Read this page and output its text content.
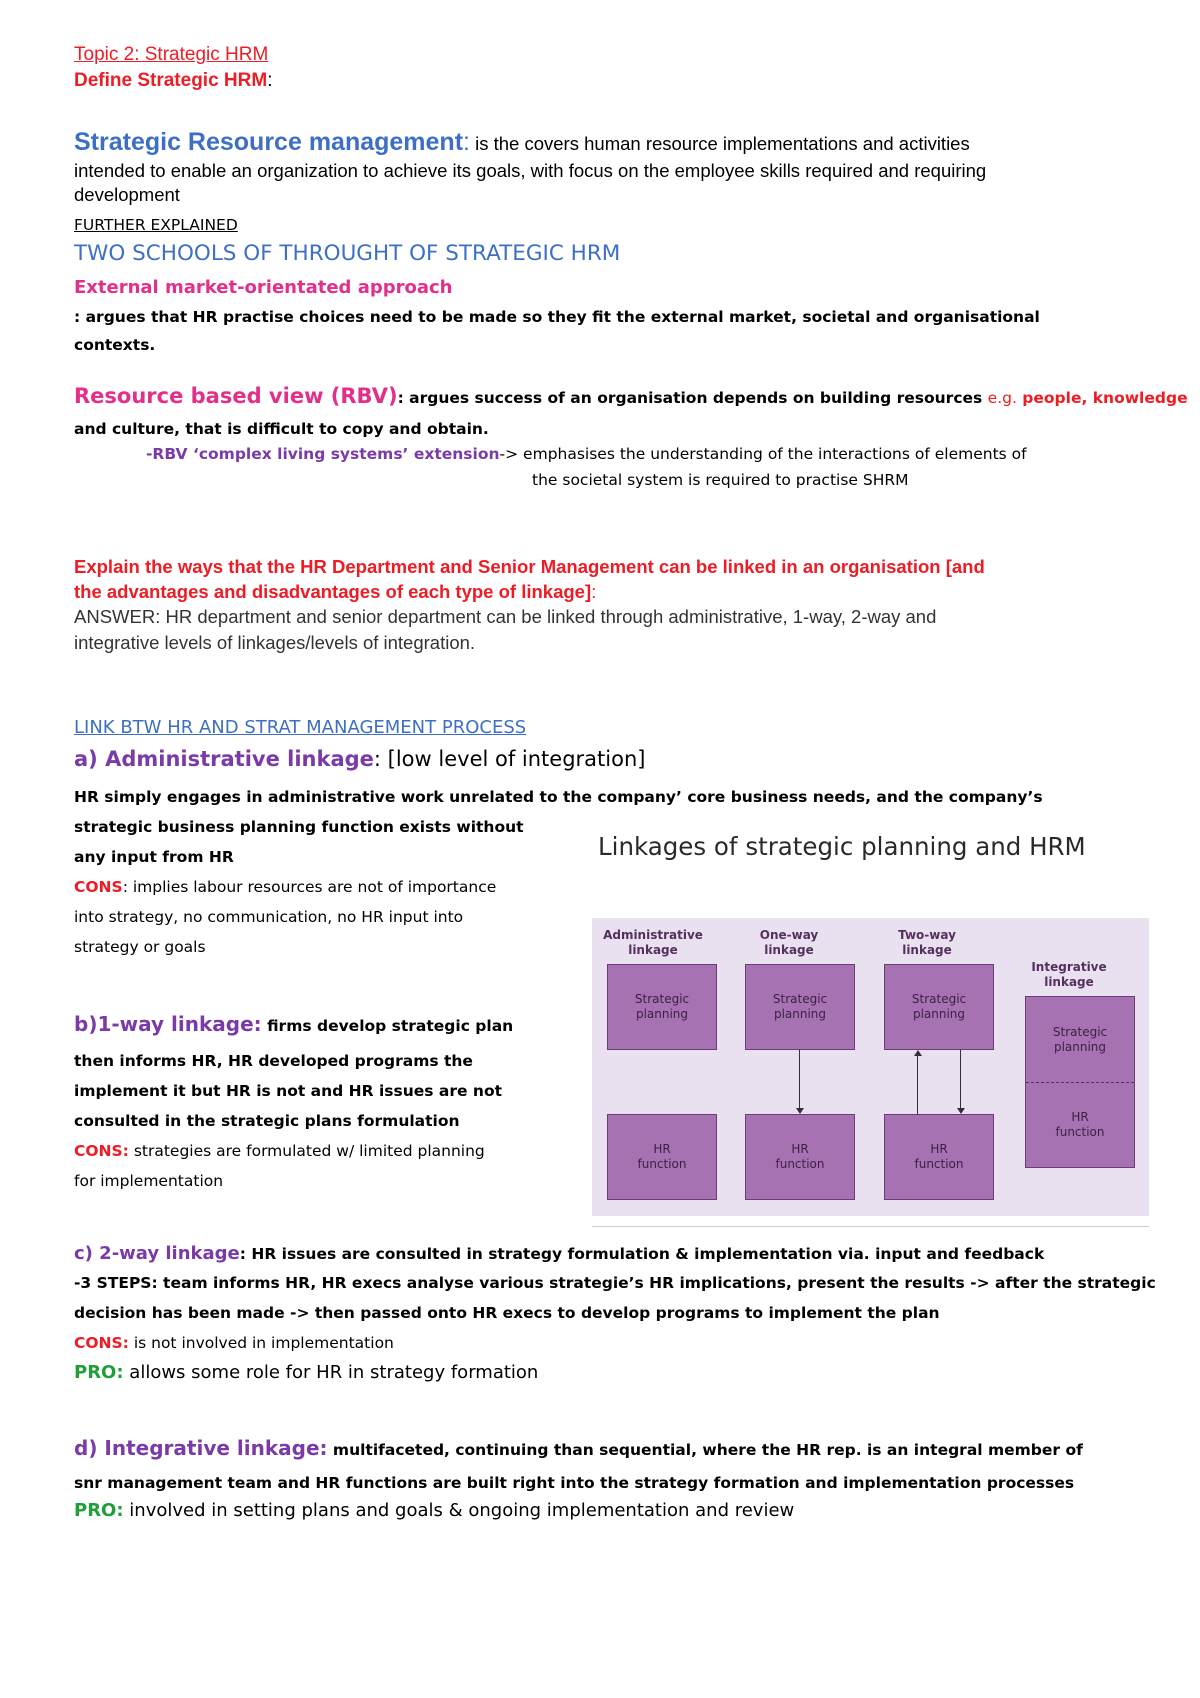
Topic 2: Strategic HRM
Define Strategic HRM:
Strategic Resource management: is the covers human resource implementations and activities
intended to enable an organization to achieve its goals, with focus on the employee skills required and requiring
development
FURTHER EXPLAINED
TWO SCHOOLS OF THROUGHT OF STRATEGIC HRM
External market-orientated approach
: argues that HR practise choices need to be made so they fit the external market, societal and organisational
contexts.
Resource based view (RBV): argues success of an organisation depends on building resources e.g. people, knowledge
and culture, that is difficult to copy and obtain.
-RBV ‘complex living systems’ extension-> emphasises the understanding of the interactions of elements of
the societal system is required to practise SHRM
Explain the ways that the HR Department and Senior Management can be linked in an organisation [and
the advantages and disadvantages of each type of linkage]:
ANSWER: HR department and senior department can be linked through administrative, 1-way, 2-way and
integrative levels of linkages/levels of integration.
LINK BTW HR AND STRAT MANAGEMENT PROCESS
a) Administrative linkage: [low level of integration]
HR simply engages in administrative work unrelated to the company’ core business needs, and the company’s
strategic business planning function exists without
any input from HR
CONS: implies labour resources are not of importance
into strategy, no communication, no HR input into
strategy or goals
b)1-way linkage: firms develop strategic plan
then informs HR, HR developed programs the
implement it but HR is not and HR issues are not
consulted in the strategic plans formulation
CONS: strategies are formulated w/ limited planning
for implementation
Linkages of strategic planning and HRM
Administrative
linkage
One-way
linkage
Two-way
linkage
Integrative
linkage
Strategic
planning
HR
function
Strategic
planning
HR
function
Strategic
planning
HR
function
Strategic
planning
HR
function
c) 2-way linkage: HR issues are consulted in strategy formulation & implementation via. input and feedback
-3 STEPS: team informs HR, HR execs analyse various strategie’s HR implications, present the results -> after the strategic
decision has been made -> then passed onto HR execs to develop programs to implement the plan
CONS: is not involved in implementation
PRO: allows some role for HR in strategy formation
d) Integrative linkage: multifaceted, continuing than sequential, where the HR rep. is an integral member of
snr management team and HR functions are built right into the strategy formation and implementation processes
PRO: involved in setting plans and goals & ongoing implementation and review
